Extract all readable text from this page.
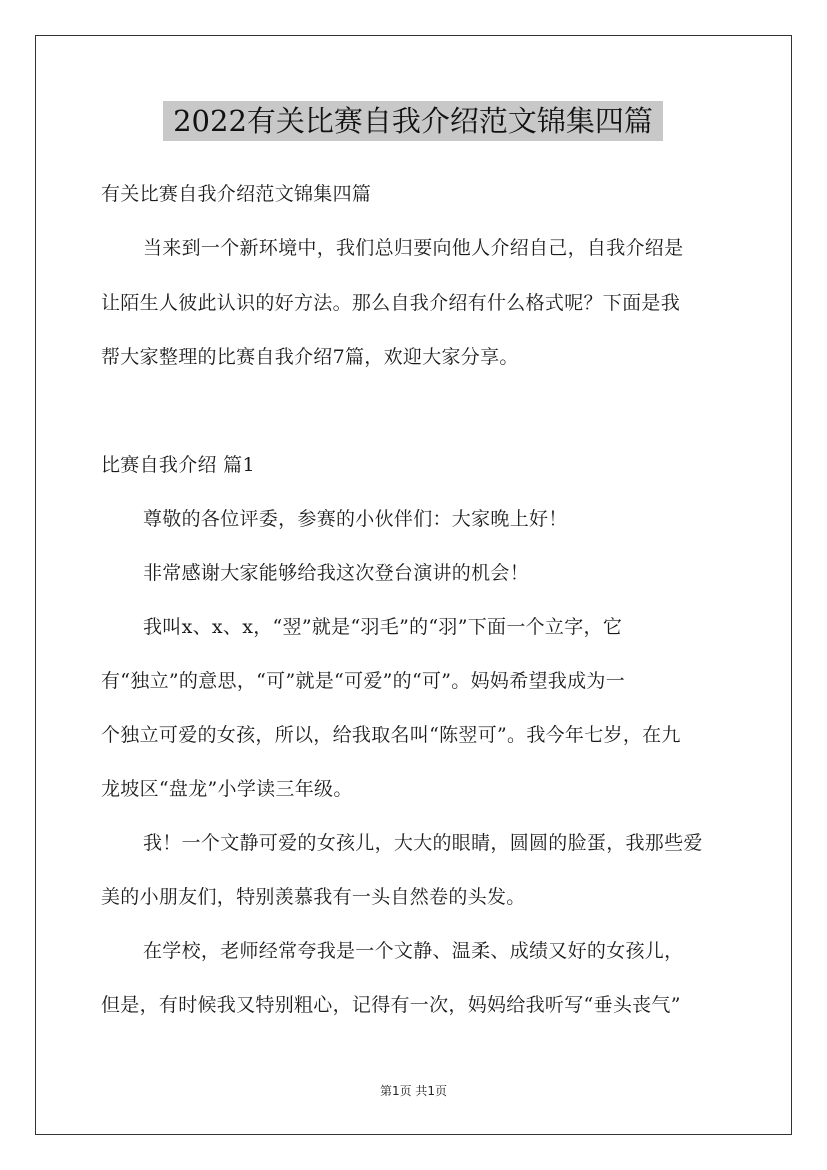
2022有关比赛自我介绍范文锦集四篇
有关比赛自我介绍范文锦集四篇
当来到一个新环境中，我们总归要向他人介绍自己，自我介绍是
让陌生人彼此认识的好方法。那么自我介绍有什么格式呢？下面是我
帮大家整理的比赛自我介绍7篇，欢迎大家分享。
比赛自我介绍 篇1
尊敬的各位评委，参赛的小伙伴们：大家晚上好！
非常感谢大家能够给我这次登台演讲的机会！
我叫x、x、x，“翌”就是“羽毛”的“羽”下面一个立字，它
有“独立”的意思，“可”就是“可爱”的“可”。妈妈希望我成为一
个独立可爱的女孩，所以，给我取名叫“陈翌可”。我今年七岁，在九
龙坡区“盘龙”小学读三年级。
我！一个文静可爱的女孩儿，大大的眼睛，圆圆的脸蛋，我那些爱
美的小朋友们，特别羡慕我有一头自然卷的头发。
在学校，老师经常夸我是一个文静、温柔、成绩又好的女孩儿，
但是，有时候我又特别粗心，记得有一次，妈妈给我听写“垂头丧气”
第1页 共1页
